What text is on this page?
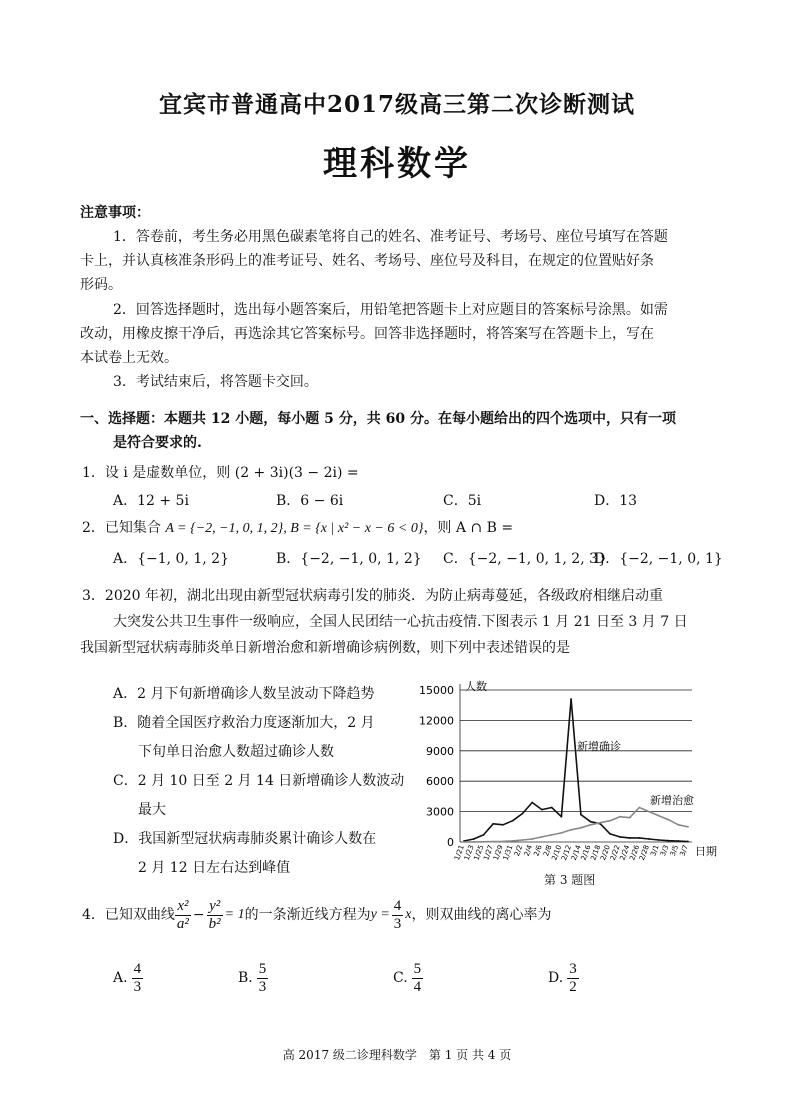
宜宾市普通高中2017级高三第二次诊断测试
理科数学
注意事项：
1．答卷前，考生务必用黑色碳素笔将自己的姓名、准考证号、考场号、座位号填写在答题
卡上，并认真核准条形码上的准考证号、姓名、考场号、座位号及科目，在规定的位置贴好条
形码。
2．回答选择题时，选出每小题答案后，用铅笔把答题卡上对应题目的答案标号涂黑。如需
改动，用橡皮擦干净后，再选涂其它答案标号。回答非选择题时，将答案写在答题卡上，写在
本试卷上无效。
3．考试结束后，将答题卡交回。
一、选择题：本题共 12 小题，每小题 5 分，共 60 分。在每小题给出的四个选项中，只有一项
是符合要求的.
1．设 i 是虚数单位，则 (2 + 3i)(3 − 2i) =
A．12 + 5i	B．6 − 6i	C．5i	D．13
2．已知集合 A = {−2, −1, 0, 1, 2}, B = {x | x² − x − 6 < 0}，则 A ∩ B =
A．{−1, 0, 1, 2}	B．{−2, −1, 0, 1, 2} C．{−2, −1, 0, 1, 2, 3}
D．{−2, −1, 0, 1}
3．2020 年初，湖北出现由新型冠状病毒引发的肺炎．为防止病毒蔓延，各级政府相继启动重
大突发公共卫生事件一级响应，全国人民团结一心抗击疫情.下图表示 1 月 21 日至 3 月 7 日
我国新型冠状病毒肺炎单日新增治愈和新增确诊病例数，则下列中表述错误的是
A．2 月下旬新增确诊人数呈波动下降趋势
B．随着全国医疗救治力度逐渐加大，2 月
下旬单日治愈人数超过确诊人数
C．2 月 10 日至 2 月 14 日新增确诊人数波动
最大
D．我国新型冠状病毒肺炎累计确诊人数在
2 月 12 日左右达到峰值
0
3000
6000
9000
12000
15000
1/21
1/23
1/25
1/27
1/29
1/31
2/2
2/4
2/6
2/8
2/10
2/12
2/14
2/16
2/18
2/20
2/22
2/24
2/26
2/28
3/1
3/3
3/5
3/7
人数
日期
新增确诊
新增治愈
第 3 题图
4．已知双曲线 $\frac{\text{x²}}{\text{a²}} - \frac{\text{y²}}{\text{b²}} = 1$ 的一条渐近线方程为 $y = \frac{4}{3}$ x ，则双曲线的离心率为
A. $\frac{4}{3}$	B. $\frac{5}{3}$	C. $\frac{5}{4}$	D. $\frac{3}{2}$
高 2017 级二诊理科数学　第 1 页 共 4 页
